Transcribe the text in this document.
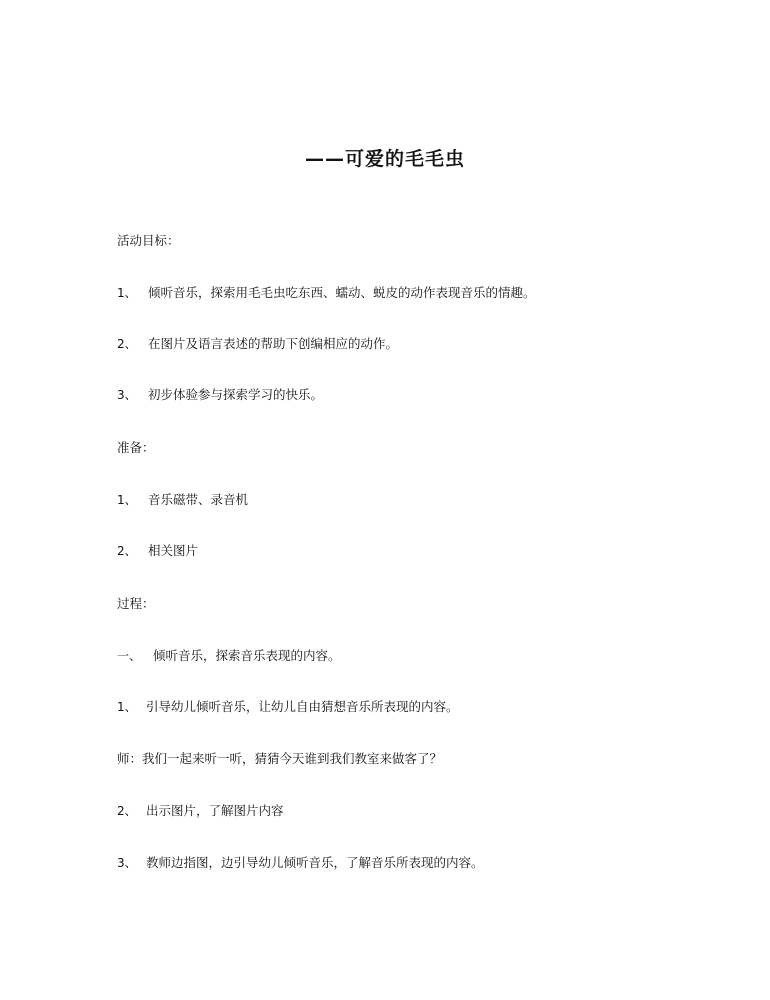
——可爱的毛毛虫
活动目标：
1、 倾听音乐，探索用毛毛虫吃东西、蠕动、蜕皮的动作表现音乐的情趣。
2、 在图片及语言表述的帮助下创编相应的动作。
3、 初步体验参与探索学习的快乐。
准备：
1、 音乐磁带、录音机
2、 相关图片
过程：
一、 倾听音乐，探索音乐表现的内容。
1、 引导幼儿倾听音乐，让幼儿自由猜想音乐所表现的内容。
师：我们一起来听一听，猜猜今天谁到我们教室来做客了？
2、 出示图片，了解图片内容
3、 教师边指图，边引导幼儿倾听音乐，了解音乐所表现的内容。
